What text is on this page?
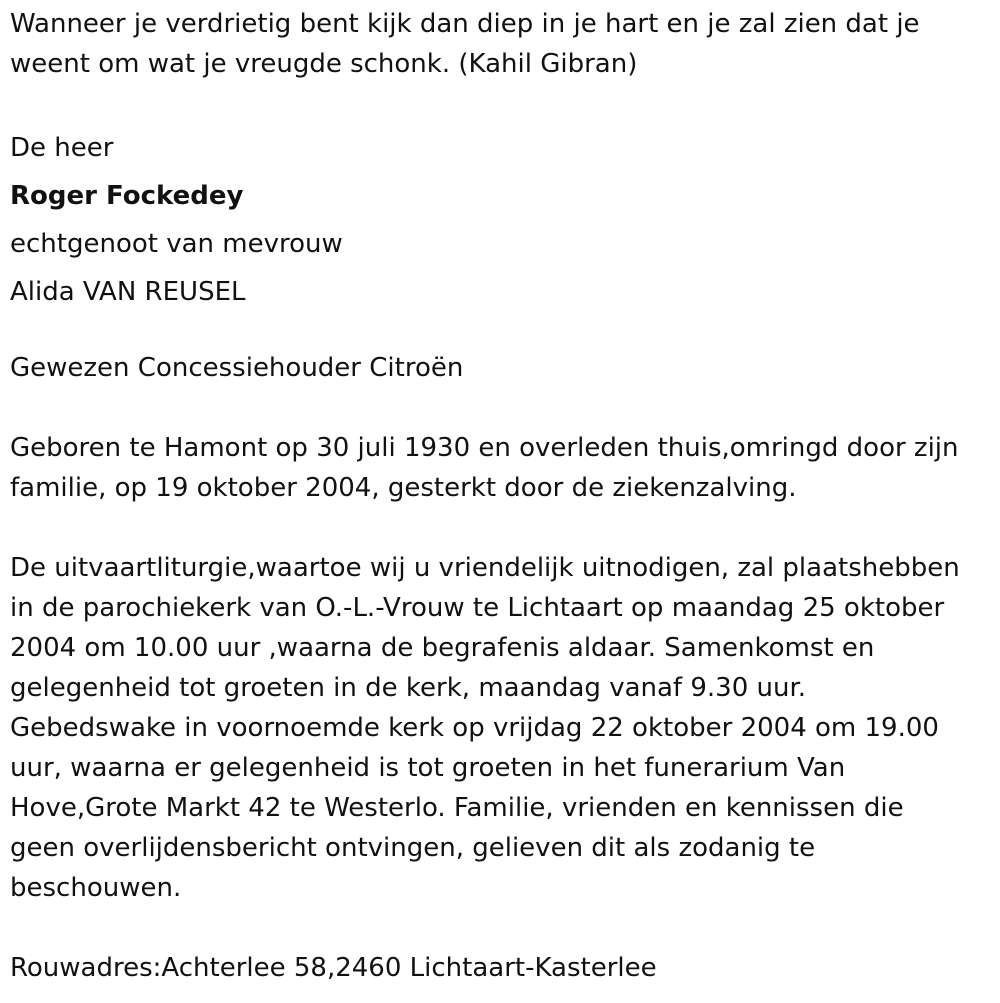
Wanneer je verdrietig bent kijk dan diep in je hart en je zal zien dat je
weent om wat je vreugde schonk. (Kahil Gibran)
De heer
Roger Fockedey
echtgenoot van mevrouw
Alida VAN REUSEL
Gewezen Concessiehouder Citroën
Geboren te Hamont op 30 juli 1930 en overleden thuis,omringd door zijn
familie, op 19 oktober 2004, gesterkt door de ziekenzalving.
De uitvaartliturgie,waartoe wij u vriendelijk uitnodigen, zal plaatshebben
in de parochiekerk van O.-L.-Vrouw te Lichtaart op maandag 25 oktober
2004 om 10.00 uur ,waarna de begrafenis aldaar. Samenkomst en
gelegenheid tot groeten in de kerk, maandag vanaf 9.30 uur.
Gebedswake in voornoemde kerk op vrijdag 22 oktober 2004 om 19.00
uur, waarna er gelegenheid is tot groeten in het funerarium Van
Hove,Grote Markt 42 te Westerlo. Familie, vrienden en kennissen die
geen overlijdensbericht ontvingen, gelieven dit als zodanig te
beschouwen.
Rouwadres:Achterlee 58,2460 Lichtaart-Kasterlee
